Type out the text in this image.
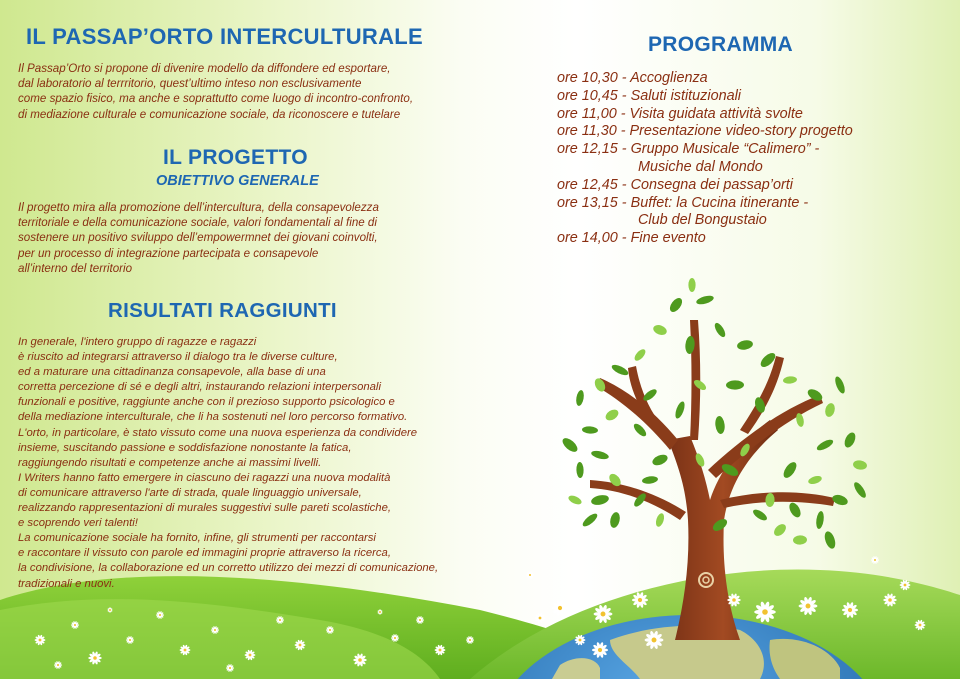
IL PASSAP’ORTO INTERCULTURALE
Il Passap’Orto si propone di divenire modello da diffondere ed esportare,
dal laboratorio al terrritorio, quest’ultimo inteso non esclusivamente
come spazio fisico, ma anche e soprattutto come luogo di incontro-confronto,
di mediazione culturale e comunicazione sociale, da riconoscere e tutelare
IL PROGETTO
OBIETTIVO GENERALE
Il progetto mira alla promozione dell’intercultura, della consapevolezza
territoriale e della comunicazione sociale, valori fondamentali al fine di
sostenere un positivo sviluppo dell’empowermnet dei giovani coinvolti,
per un processo di integrazione partecipata e consapevole
all’interno del territorio
RISULTATI RAGGIUNTI
In generale, l'intero gruppo di ragazze e ragazzi
è riuscito ad integrarsi attraverso il dialogo tra le diverse culture,
ed a maturare una cittadinanza consapevole, alla base di una
corretta percezione di sé e degli altri, instaurando relazioni interpersonali
funzionali e positive, raggiunte anche con il prezioso supporto psicologico e
della mediazione interculturale, che li ha sostenuti nel loro percorso formativo.
L'orto, in particolare, è stato vissuto come una nuova esperienza da condividere
insieme, suscitando passione e soddisfazione nonostante la fatica,
raggiungendo risultati e competenze anche ai massimi livelli.
I Writers hanno fatto emergere in ciascuno dei ragazzi una nuova modalità
di comunicare attraverso l'arte di strada, quale linguaggio universale,
realizzando rappresentazioni di murales suggestivi sulle pareti scolastiche,
e scoprendo veri talenti!
La comunicazione sociale ha fornito, infine, gli strumenti per raccontarsi
e raccontare il vissuto con parole ed immagini proprie attraverso la ricerca,
la condivisione, la collaborazione ed un corretto utilizzo dei mezzi di comunicazione,
tradizionali e nuovi.
PROGRAMMA
ore 10,30 - Accoglienza
ore 10,45 - Saluti istituzionali
ore 11,00 - Visita guidata attività svolte
ore 11,30 - Presentazione video-story progetto
ore 12,15 - Gruppo Musicale “Calimero” -
Musiche dal Mondo
ore 12,45 - Consegna dei passap’orti
ore 13,15 - Buffet: la Cucina itinerante -
Club del Bongustaio
ore 14,00 - Fine evento
